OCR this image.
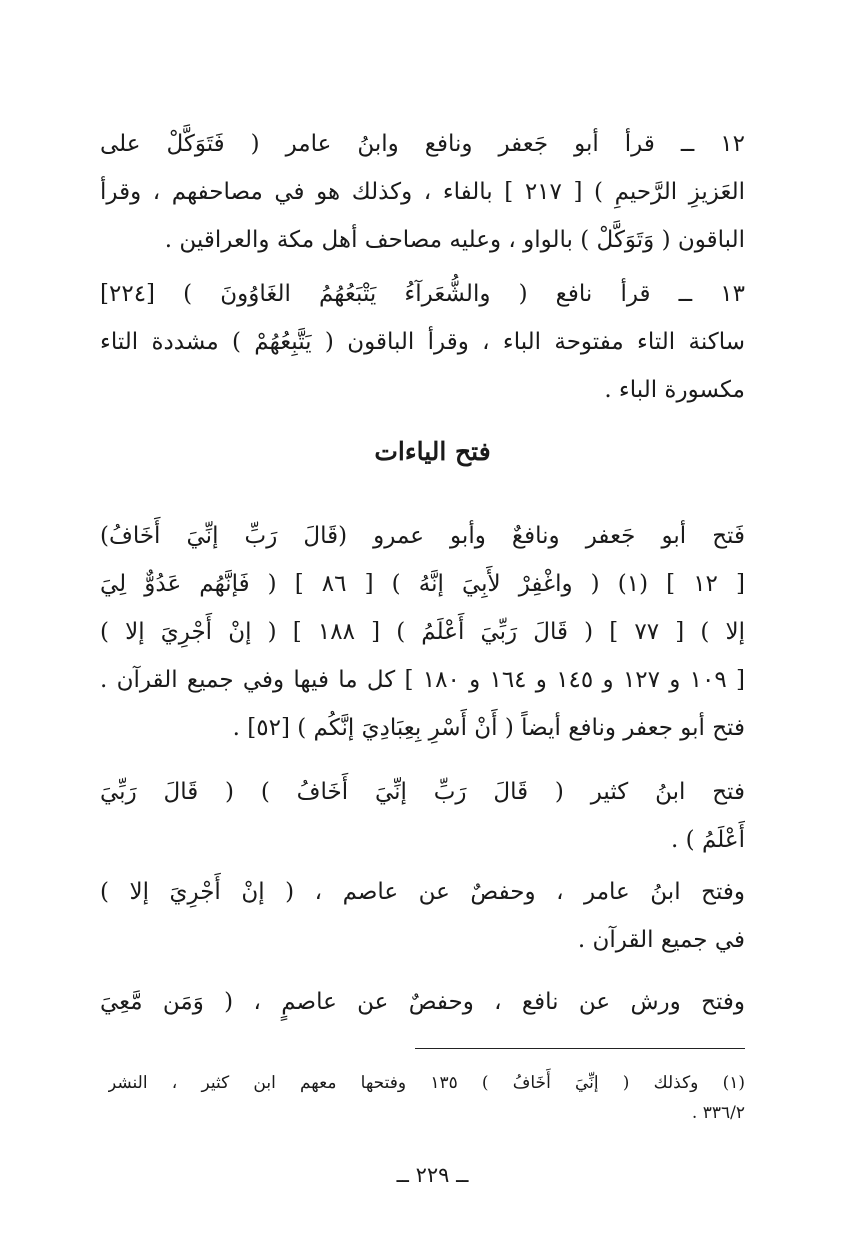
١٢ ــ قرأ أبو جَعفر ونافع وابنُ عامر ( فَتَوَكَّلْ على
العَزيزِ الرَّحيمِ ) [ ٢١٧ ] بالفاء ، وكذلك هو في مصاحفهم ، وقرأ
الباقون ( وَتَوَكَّلْ ) بالواو ، وعليه مصاحف أهل مكة والعراقين .
١٣ ــ قرأ نافع ( والشُّعَرآءُ يَتْبَعُهُمُ الغَاوُونَ ) [٢٢٤]
ساكنة التاء مفتوحة الباء ، وقرأ الباقون ( يَتَّبِعُهُمْ ) مشددة التاء
مكسورة الباء .
فتح الياءات
فَتح أبو جَعفر ونافعٌ وأبو عمرو (قَالَ رَبِّ إنِّيَ أَخَافُ)
[ ١٢ ] (١) ( واغْفِرْ لأَبِيَ إنَّهُ ) [ ٨٦ ] ( فَإنَّهُم عَدُوٌّ لِيَ
إلا ) [ ٧٧ ] ( قَالَ رَبِّيَ أَعْلَمُ ) [ ١٨٨ ] ( إنْ أَجْرِيَ إلا )
[ ١٠٩ و ١٢٧ و ١٤٥ و ١٦٤ و ١٨٠ ] كل ما فيها وفي جميع القرآن .
فتح أبو جعفر ونافع أيضاً ( أَنْ أَسْرِ بِعِبَادِيَ إنَّكُم ) [٥٢] .
فتح ابنُ كثير ( قَالَ رَبِّ إنِّيَ أَخَافُ ) ( قَالَ رَبِّيَ
أَعْلَمُ ) .
وفتح ابنُ عامر ، وحفصٌ عن عاصم ، ( إنْ أَجْرِيَ إلا )
في جميع القرآن .
وفتح ورش عن نافع ، وحفصٌ عن عاصمٍ ، ( وَمَن مَّعِيَ
(١) وكذلك ( إنِّيَ أَخَافُ ) ١٣٥ وفتحها معهم ابن كثير ، النشر
٣٣٦/٢ .
ــ ٢٢٩ ــ
